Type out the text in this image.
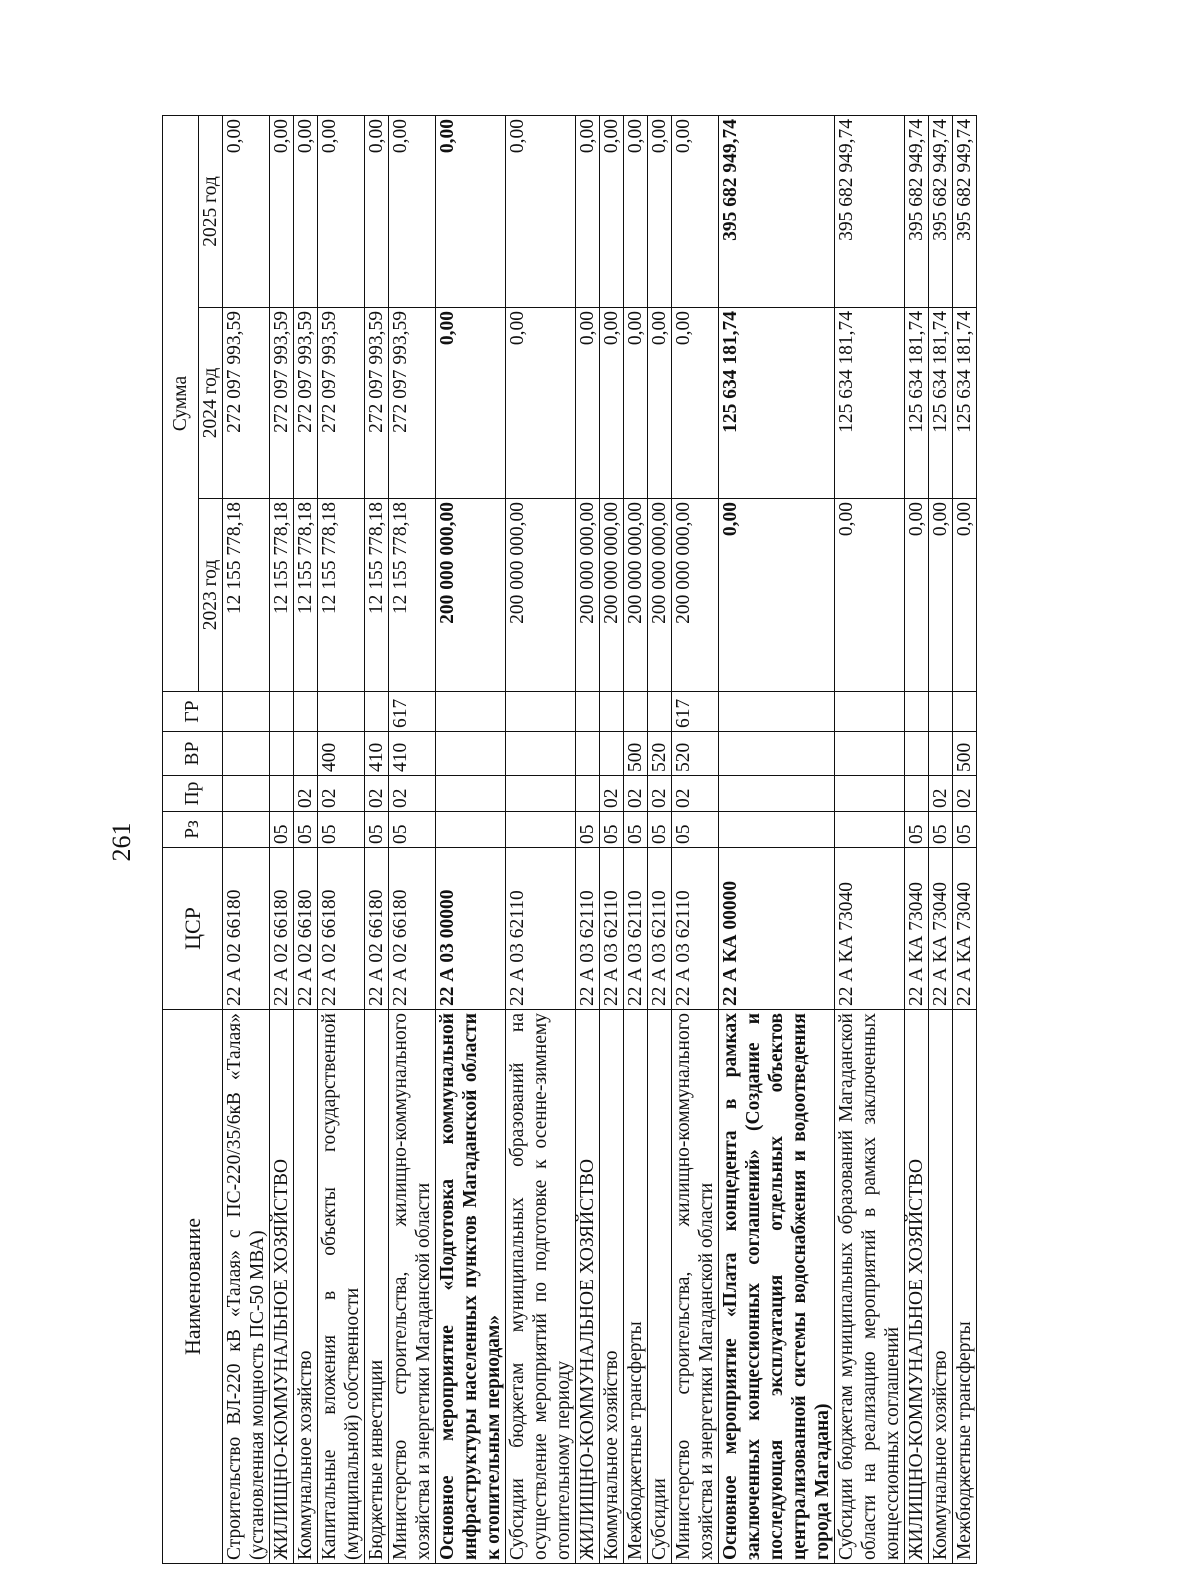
261
Наименование	ЦСР	Рз	Пр	ВР	ГР	Сумма		
						2023 год	2024 год	2025 год
Строительство ВЛ-220 кВ «Талая» с ПС-220/35/6кВ «Талая» (установленная мощность ПС-50 МВА)	22 А 02 66180					12 155 778,18	272 097 993,59	0,00
ЖИЛИЩНО-КОММУНАЛЬНОЕ ХОЗЯЙСТВО	22 А 02 66180	05				12 155 778,18	272 097 993,59	0,00
Коммунальное хозяйство	22 А 02 66180	05	02			12 155 778,18	272 097 993,59	0,00
Капитальные вложения в объекты государственной (муниципальной) собственности	22 А 02 66180	05	02	400		12 155 778,18	272 097 993,59	0,00
Бюджетные инвестиции	22 А 02 66180	05	02	410		12 155 778,18	272 097 993,59	0,00
Министерство строительства, жилищно-коммунального хозяйства и энергетики Магаданской области	22 А 02 66180	05	02	410	617	12 155 778,18	272 097 993,59	0,00
Основное мероприятие «Подготовка коммунальной инфраструктуры населенных пунктов Магаданской области к отопительным периодам»	22 А 03 00000					200 000 000,00	0,00	0,00
Субсидии бюджетам муниципальных образований на осуществление мероприятий по подготовке к осенне-зимнему отопительному периоду	22 А 03 62110					200 000 000,00	0,00	0,00
ЖИЛИЩНО-КОММУНАЛЬНОЕ ХОЗЯЙСТВО	22 А 03 62110	05				200 000 000,00	0,00	0,00
Коммунальное хозяйство	22 А 03 62110	05	02			200 000 000,00	0,00	0,00
Межбюджетные трансферты	22 А 03 62110	05	02	500		200 000 000,00	0,00	0,00
Субсидии	22 А 03 62110	05	02	520		200 000 000,00	0,00	0,00
Министерство строительства, жилищно-коммунального хозяйства и энергетики Магаданской области	22 А 03 62110	05	02	520	617	200 000 000,00	0,00	0,00
Основное мероприятие «Плата концедента в рамках заключенных концессионных соглашений» (Создание и последующая эксплуатация отдельных объектов централизованной системы водоснабжения и водоотведения города Магадана)	22 А КА 00000					0,00	125 634 181,74	395 682 949,74
Субсидии бюджетам муниципальных образований Магаданской области на реализацию мероприятий в рамках заключенных концессионных соглашений	22 А КА 73040					0,00	125 634 181,74	395 682 949,74
ЖИЛИЩНО-КОММУНАЛЬНОЕ ХОЗЯЙСТВО	22 А КА 73040	05				0,00	125 634 181,74	395 682 949,74
Коммунальное хозяйство	22 А КА 73040	05	02			0,00	125 634 181,74	395 682 949,74
Межбюджетные трансферты	22 А КА 73040	05	02	500		0,00	125 634 181,74	395 682 949,74
